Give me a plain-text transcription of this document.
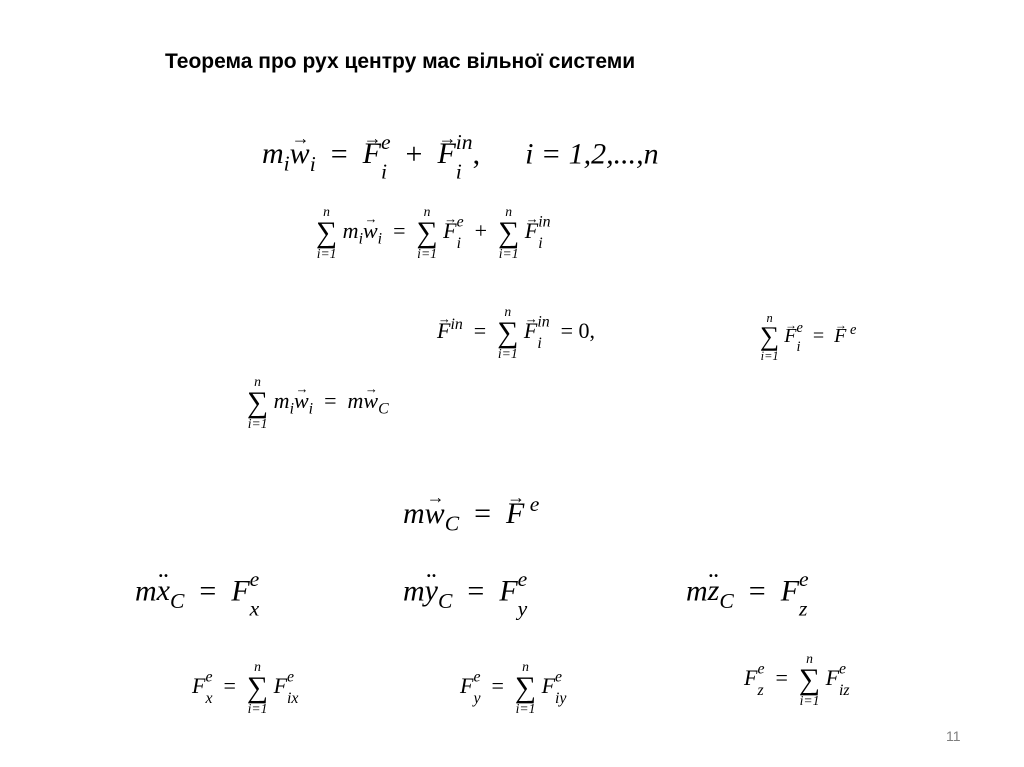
Теорема про рух центру мас вільної системи
$m_i\to w_i$  =  → F e
i
+  → F in
i
, i = 1,2,...,n
n
∑
i=1
$m_i\to w_i$  =
n
∑
i=1
→ F e
i
+
n
∑
i=1
→ F in
i
→ $F^{in}$  =
n
∑
i=1
→ F in
i
= 0,	n
∑
i=1
→ F e
i
=  → F $^e$
n
∑
i=1
$m_i\to w_i = m\to w_C$
$m\to w_C$  =  → F $^e$
m¨ $x_C = F$ e
x
m¨ $y_C = F$ e
y
m¨ $z_C = F$ e
z
F e
x
=
n
∑
i=1
F e
ix
F e
y
=
n
∑
i=1
F e
iy
F e
z
=
n
∑
i=1
F e
iz
11
